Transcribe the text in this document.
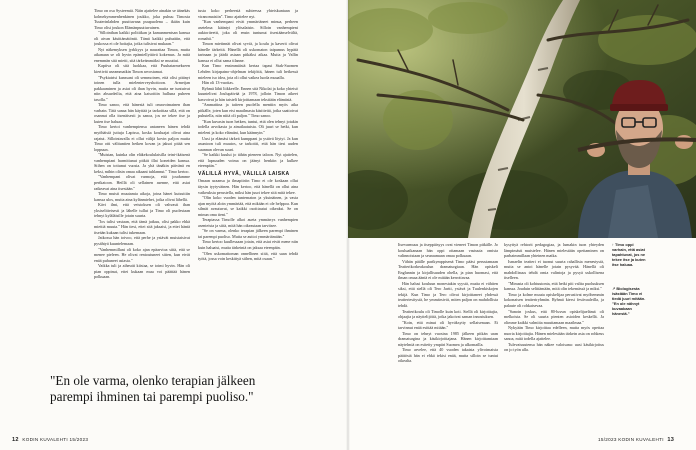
Timo on osa Systeemiä. Näin ajattelee ainakin se äänekäs kolmekymmenhenkinen joukko, joka puhuu Timosta Tuuterinlahden puuttuvana puupuolena – ikään kuin Timo olisi joukon Elämänpuuttuvainen.

"Sillointhan kaikki politiikan ja kamanmentsan kanssa oli aivan käsittämätöntä. Tämä kaikki puhuttiin, että joukossa ei ole hoitajia, jotka tulisivat mukaan."

Nyt näkemyksen jyrkkyys ja naurattaa Timoa, mutta aikanaan se oli hyvin epämiellyttävä kokemus. Ja mitä enemmän sitä mietti, sitä tärkeämmäksi se muuttui.

Kaptiva oli sitä luokkaa, että Puuhatarmekseen kiertivät useammatkin Timon arvostamat.

"Psykiatrisi kanssani oli semmoinen, että olisi pitänyt toinen tulla mielenterveyshoitoon. Armeijan pakkaaminen ja asiat oli ihan hyvin, mutta ne tuntuivat niin absurdeilta, että aina katsottiin hulluna puheen tasolla."

Timo sanoo, että hänestä tuli omavoimainen ihan varhain. Tätä sanaa hän käyttää ja tarkoittaa sillä, että on osannut olla itsenäisesti ja sanoa, jos ne tekee itse ja kuten itse haluaa.

Timo kertoi vanhempiensa antaneen hänen tehdä myöhäisiä juttuja Lapissa, koska kouluajat olivat aina rajatut. Sillointavalla ei ollut välijä kovin paljon mutta Timo otti välituntien hetken kovan ja jaksoi pitää sen loppuun.

"Muistan, kuinka olin eläkekoululaisilla teini-ikäisenä vanhempiani harmittanut pitkät illat koneiden kanssa. Siihen on tottunut vuosia. Ja yhä tänäkin päivänä en keksi, mihin olisin omaa aikaani tuhlannut." Timo kertoo.

"Vanhempani olivat varmoja, että joudumme perikatoon. Heillä oli sellainen asenne, että asiat ratkeavat aina itsestään."

Timo muisti muutamia aikoja, joina hänet kutsuttiin kanssa ulos, mutta aina kylänmiehet, jotka olivat lähellä.

Kävi ilmi, että veistoksen oli vahvasti ihan yksiselitteisesti ja lähelle tullut ja Timo oli puolestaan tehnyt kyläläisille jotain suurta.

"Jos tulisi vastaan, että tämä jatkuu, olisi pakko ehkä miettiä muuta." Hän tiesi, ettei sitä jaksaisi, ja ettei häntä itseään kukaan tulisi tukemaan.

Jatkossa hän toivoo, että perhe ja ystävät muistaisivat pysähtyä kuuntelemaan.

"Vanhemmillani oli koko ajan epäarvioa siitä, että se menee pieleen. He olivat rentoutuneet sitten, kun eivät enää puhuneet asiasta."

Vaikka tuli ja aiheutti kiistaa, se toimi hyvin. Hän oli pian oppinut, ettei kukaan muu voi päättää hänen polkuaan.

tusta koko perheestä suhteessa yhteiskuntaan ja viranomaisiin". Timo ajattelee nyt.

"Kun vanhempani eivät ymmärtäneet minua, perheen asetelma kääntyi ylösalaisin. Silloin vanhempieni auktoriteetti, joka oli ensin tuntunut itsestäänselvältä, romahti."

Timon mietinnät olivat syviä, ja koulu ja kaverit olivat hänelle tärkeitä. Hänellä oli uskomaton taipumus hypätä tarinaan ja jäädä asiaan pitkäksi aikaa. Mutta ja Vallin kanssa ei ollut sama tilanne.

Kun Timo ensimmäistä kertaa tapasi Stak-Suomen Lehden kirjapaino-ohjelman tekijöitä, hänen tuli hetkessä mieleen iso idea, jota oli ollut vaikea luoda muualla.

Hän oli 13-vuotias.

Ryhmä lähti liikkeelle. Ennen sitä Nikolai ja koko yhteisö kuuntelivat Joulupäivää ja 1978, jolloin Timon aikeet kasvoivat ja hän taisteli kirjoittamaan tekstiään elämästä.

"Ammattina ja taiteen puolella mentiin myös aika pitkälle, joten kun etsi maailmasta käsitteitä, jotka saattoivat puhutella, niin niitä oli paljon." Timo sanoo.

"Kun kuvasin tuon hetken, tuntui, että olen tehnyt jotakin todella arvokasta ja ainutlaatuista. Oli juuri se hetki, kun mieleni ja koko elämäni, kun käännyin."

Uusi ja elämäsi tärkeä kumppani ja ystävä löytyi. Ja kun asuntoon tuli muutos, se tarkoitti, että hän tiesi uuden suunnan olevan suuri.

"Se kaikki kuului jo tähän pieneen taloon. Nyt ajattelen, että lapsuuden voima on jäänyt henkiin ja kulkee eteenpäin."

VÄLILLÄ HYVÄ, VÄLILLÄ LAISKA

Omaan uraansa ja ilmapiiriin Timo ei ole koskaan ollut täysin tyytyväinen. Hän kertoo, että hänellä on ollut aina vaikeuksia perustella, miksi hän juuri tekee sitä mitä tekee.

"Olin koko vuoden tuntematon ja yksinäinen, ja vasta ajan myötä aloin ymmärtää, että mikään ei ole helppoa. Kun silmät avautuvat, se kaikki osoittautui oikeaksi. Se on minun oma tieni."

Terapiassa Timolle alkoi aueta ymmärrys vanhempien asenteista ja siitä, mitä hän oikeastaan tarvitsee.

"Se on varma, olenko terapian jälkeen parempi ihminen tai parempi puoliso. Mutta se auttoi ymmärtämään."

Timo kertoo kuullessaan jotain, että asiat eivät mene niin kuin haluaisi, mutta tärkeintä on jaksaa eteenpäin.

"Olen uskomattoman onnellinen siitä, että saan tehdä työtä, jossa voin keskittyä siihen, mitä osaan."

"En ole varma, olenko terapian jälkeen parempi ihminen tai parempi puoliso."
12 KODIN KUVALEHTI 15/2023

Itsevarmuus ja itseppäisyys ovat vieneet Timon pitkälle. Jo kouluaikanaan hän oppi ottamaan vastuuta omista valinnoistaan ja seuraamaan omaa polkuaan.

Vähän päälle parikymppisenä Timo pääsi perustamaan Teatterikorkeakoulun dramaturgiaan. Hän opiskeli Englannin ja kirjallisuuden ohella, ja pian huomasi, että ilman omaa ääntä ei ole mitään kerrottavaa.

Hän halusi kouluun monestakin syystä, mutta ei vähiten siksi, että siellä oli Tero Jartti, ystävä ja Tuulenkiskojen tekijä. Kun Timo ja Tero olivat kirjoittaneet yhdessä teatteriesitystä, he ymmärsivät, miten paljon on mahdollista tehdä.

Teatterikoulu oli Timolle kuin koti. Siellä oli kirjoittajia, ohjaajia ja näyttelijöitä, jotka jakoivat saman innostuksen.

"Koin, että minut oli hyväksytty sellaisenaan. Ei tarvinnut enää esittää mitään."

Timo on tehnyt vuosina 1985 jälkeen pitkän uran dramaturgina ja käsikirjoittajana. Hänen kirjoittamiaan näytelmiä on esitetty ympäri Suomea ja ulkomailla.

Timo arvelee, että 40 vuoden takaista ylivoimaista päätöstä hän ei ehkä tekisi enää, mutta silloin se tuntui oikealta.

kysyttyä rehtorit pedagogiaa, ja lumakin tuon yhteyden lämpimästi muistelee. Hänen mielestään opettaminen on parhaimmillaan yhteinen matka.

Ismaelin teatteri ei tuonut suurta rahallista menestystä, mutta se antoi hänelle jotain pysyvää. Hänellä oli mahdollisuus tehdä omia valintoja ja pysyä uskollisena itselleen.

"Minusta oli kohtuutonta, että hetki piti valita puoluuksen kanssa. Jouduin selittämään, mitä olin tekemässä ja miksi."

Timo ja kolme muuta opiskelijaa perustivat myöhemmin kokonaisen teatteriryhmän. Ryhmä kiersi festivaaleilla, ja palaute oli rohkaisevaa.

"Sanoin joskus, että 80-luvun opiskelijaelämä oli melkoista. Se oli suurta pienten asioiden keskellä. Ja olimme kaikki valmiita muuttamaan maailmaa."

Nykyään Timo kirjoittaa edelleen, mutta myös opettaa nuoria kirjoittajia. Hänen mielestään tärkein asia on rohkeus sanoa, mitä todella ajattelee.

Tulevaisuutensa hän näkee valoisana: uusi käsikirjoitus on jo työn alla.

↑ Timo oppi varhain, että asiat tapahtuvat, jos ne tekee itse ja kuten itse haluaa.
↗ Biologisesta isästään Timo ei tiedä juuri mitään. "En ole nähnyt kuvaakaan hänestä."
15/2023 KODIN KUVALEHTI 13
